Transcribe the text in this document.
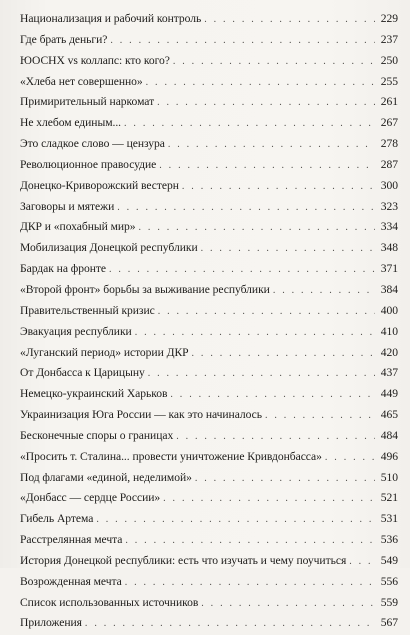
Национализация и рабочий контроль . . .	229
Где брать деньги? . . .	237
ЮОСНХ vs коллапс: кто кого? . . .	250
«Хлеба нет совершенно» . . .	255
Примирительный наркомат . . .	261
Не хлебом единым... . . .	267
Это сладкое слово — цензура . . .	278
Революционное правосудие . . .	287
Донецко-Криворожский вестерн . . .	300
Заговоры и мятежи . . .	323
ДКР и «похабный мир» . . .	334
Мобилизация Донецкой республики . . .	348
Бардак на фронте . . .	371
«Второй фронт» борьбы за выживание республики . . .	384
Правительственный кризис . . .	400
Эвакуация республики . . .	410
«Луганский период» истории ДКР . . .	420
От Донбасса к Царицыну . . .	437
Немецко-украинский Харьков . . .	449
Украинизация Юга России — как это начиналось . . .	465
Бесконечные споры о границах . . .	484
«Просить т. Сталина... провести уничтожение Кривдонбасса» . . .	496
Под флагами «единой, неделимой» . . .	510
«Донбасс — сердце России» . . .	521
Гибель Артема . . .	531
Расстрелянная мечта . . .	536
История Донецкой республики: есть что изучать и чему поучиться . . .	549
Возрожденная мечта . . .	556
Список использованных источников . . .	559
Приложения . . .	567
